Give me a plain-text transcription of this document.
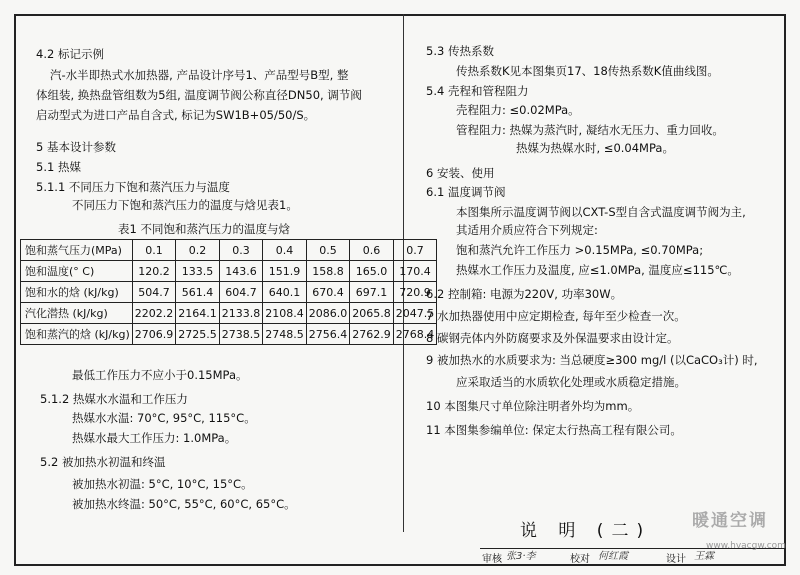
4.2 标记示例
汽-水半即热式水加热器, 产品设计序号1、产品型号B型, 整
体组装, 换热盘管组数为5组, 温度调节阀公称直径DN50, 调节阀
启动型式为进口产品自含式, 标记为SW1B+05/50/S。
5 基本设计参数
5.1 热媒
5.1.1 不同压力下饱和蒸汽压力与温度
不同压力下饱和蒸汽压力的温度与焓见表1。
表1 不同饱和蒸汽压力的温度与焓
饱和蒸气压力(MPa)	0.1	0.2	0.3	0.4	0.5	0.6	0.7
饱和温度(° C)	120.2	133.5	143.6	151.9	158.8	165.0	170.4
饱和水的焓 (kJ/kg)	504.7	561.4	604.7	640.1	670.4	697.1	720.9
汽化潜热 (kJ/kg)	2202.2	2164.1	2133.8	2108.4	2086.0	2065.8	2047.5
饱和蒸汽的焓 (kJ/kg)	2706.9	2725.5	2738.5	2748.5	2756.4	2762.9	2768.4
最低工作压力不应小于0.15MPa。
5.1.2 热媒水水温和工作压力
热媒水水温: 70°C, 95°C, 115°C。
热媒水最大工作压力: 1.0MPa。
5.2 被加热水初温和终温
被加热水初温: 5°C, 10°C, 15°C。
被加热水终温: 50°C, 55°C, 60°C, 65°C。
5.3 传热系数
传热系数K见本图集页17、18传热系数K值曲线图。
5.4 壳程和管程阻力
壳程阻力: ≤0.02MPa。
管程阻力: 热媒为蒸汽时, 凝结水无压力、重力回收。
热媒为热媒水时, ≤0.04MPa。
6 安装、使用
6.1 温度调节阀
本图集所示温度调节阀以CXT-S型自含式温度调节阀为主,
其适用介质应符合下列规定:
饱和蒸汽允许工作压力 >0.15MPa, ≤0.70MPa;
热媒水工作压力及温度, 应≤1.0MPa, 温度应≤115℃。
6.2 控制箱: 电源为220V, 功率30W。
7 水加热器使用中应定期检查, 每年至少检查一次。
8 碳钢壳体内外防腐要求及外保温要求由设计定。
9 被加热水的水质要求为: 当总硬度≥300 mg/l (以CaCO₃计) 时,
应采取适当的水质软化处理或水质稳定措施。
10 本图集尺寸单位除注明者外均为mm。
11 本图集参编单位: 保定太行热高工程有限公司。
说 明 (二)
审核	校对	设计
张3·李	何红霞	王霖
暖通空调
www.hvacgw.com
